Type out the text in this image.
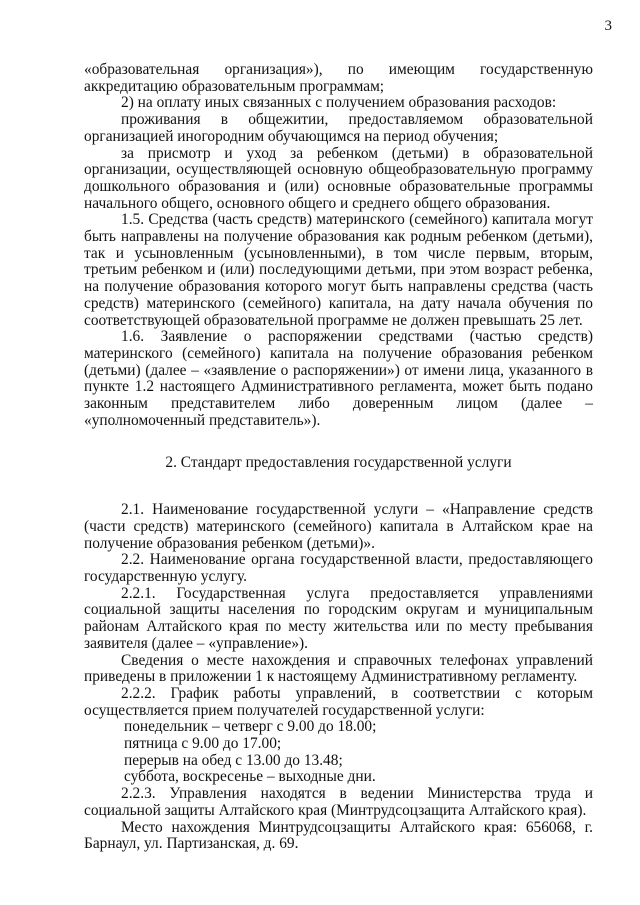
3

«образовательная организация»), по имеющим государственную аккредитацию образовательным программам;

2) на оплату иных связанных с получением образования расходов:

проживания в общежитии, предоставляемом образовательной организацией иногородним обучающимся на период обучения;

за присмотр и уход за ребенком (детьми) в образовательной организации, осуществляющей основную общеобразовательную программу дошкольного образования и (или) основные образовательные программы начального общего, основного общего и среднего общего образования.

1.5. Средства (часть средств) материнского (семейного) капитала могут быть направлены на получение образования как родным ребенком (детьми), так и усыновленным (усыновленными), в том числе первым, вторым, третьим ребенком и (или) последующими детьми, при этом возраст ребенка, на получение образования которого могут быть направлены средства (часть средств) материнского (семейного) капитала, на дату начала обучения по соответствующей образовательной программе не должен превышать 25 лет.

1.6. Заявление о распоряжении средствами (частью средств) материнского (семейного) капитала на получение образования ребенком (детьми) (далее – «заявление о распоряжении») от имени лица, указанного в пункте 1.2 настоящего Административного регламента, может быть подано законным представителем либо доверенным лицом (далее – «уполномоченный представитель»).

2. Стандарт предоставления государственной услуги

2.1. Наименование государственной услуги – «Направление средств (части средств) материнского (семейного) капитала в Алтайском крае на получение образования ребенком (детьми)».

2.2. Наименование органа государственной власти, предоставляющего государственную услугу.

2.2.1. Государственная услуга предоставляется управлениями социальной защиты населения по городским округам и муниципальным районам Алтайского края по месту жительства или по месту пребывания заявителя (далее – «управление»).

Сведения о месте нахождения и справочных телефонах управлений приведены в приложении 1 к настоящему Административному регламенту.

2.2.2. График работы управлений, в соответствии с которым осуществляется прием получателей государственной услуги:

понедельник – четверг с 9.00 до 18.00;

пятница с 9.00 до 17.00;

перерыв на обед с 13.00 до 13.48;

суббота, воскресенье – выходные дни.

2.2.3. Управления находятся в ведении Министерства труда и социальной защиты Алтайского края (Минтрудсоцзащита Алтайского края).

Место нахождения Минтрудсоцзащиты Алтайского края: 656068, г. Барнаул, ул. Партизанская, д. 69.
